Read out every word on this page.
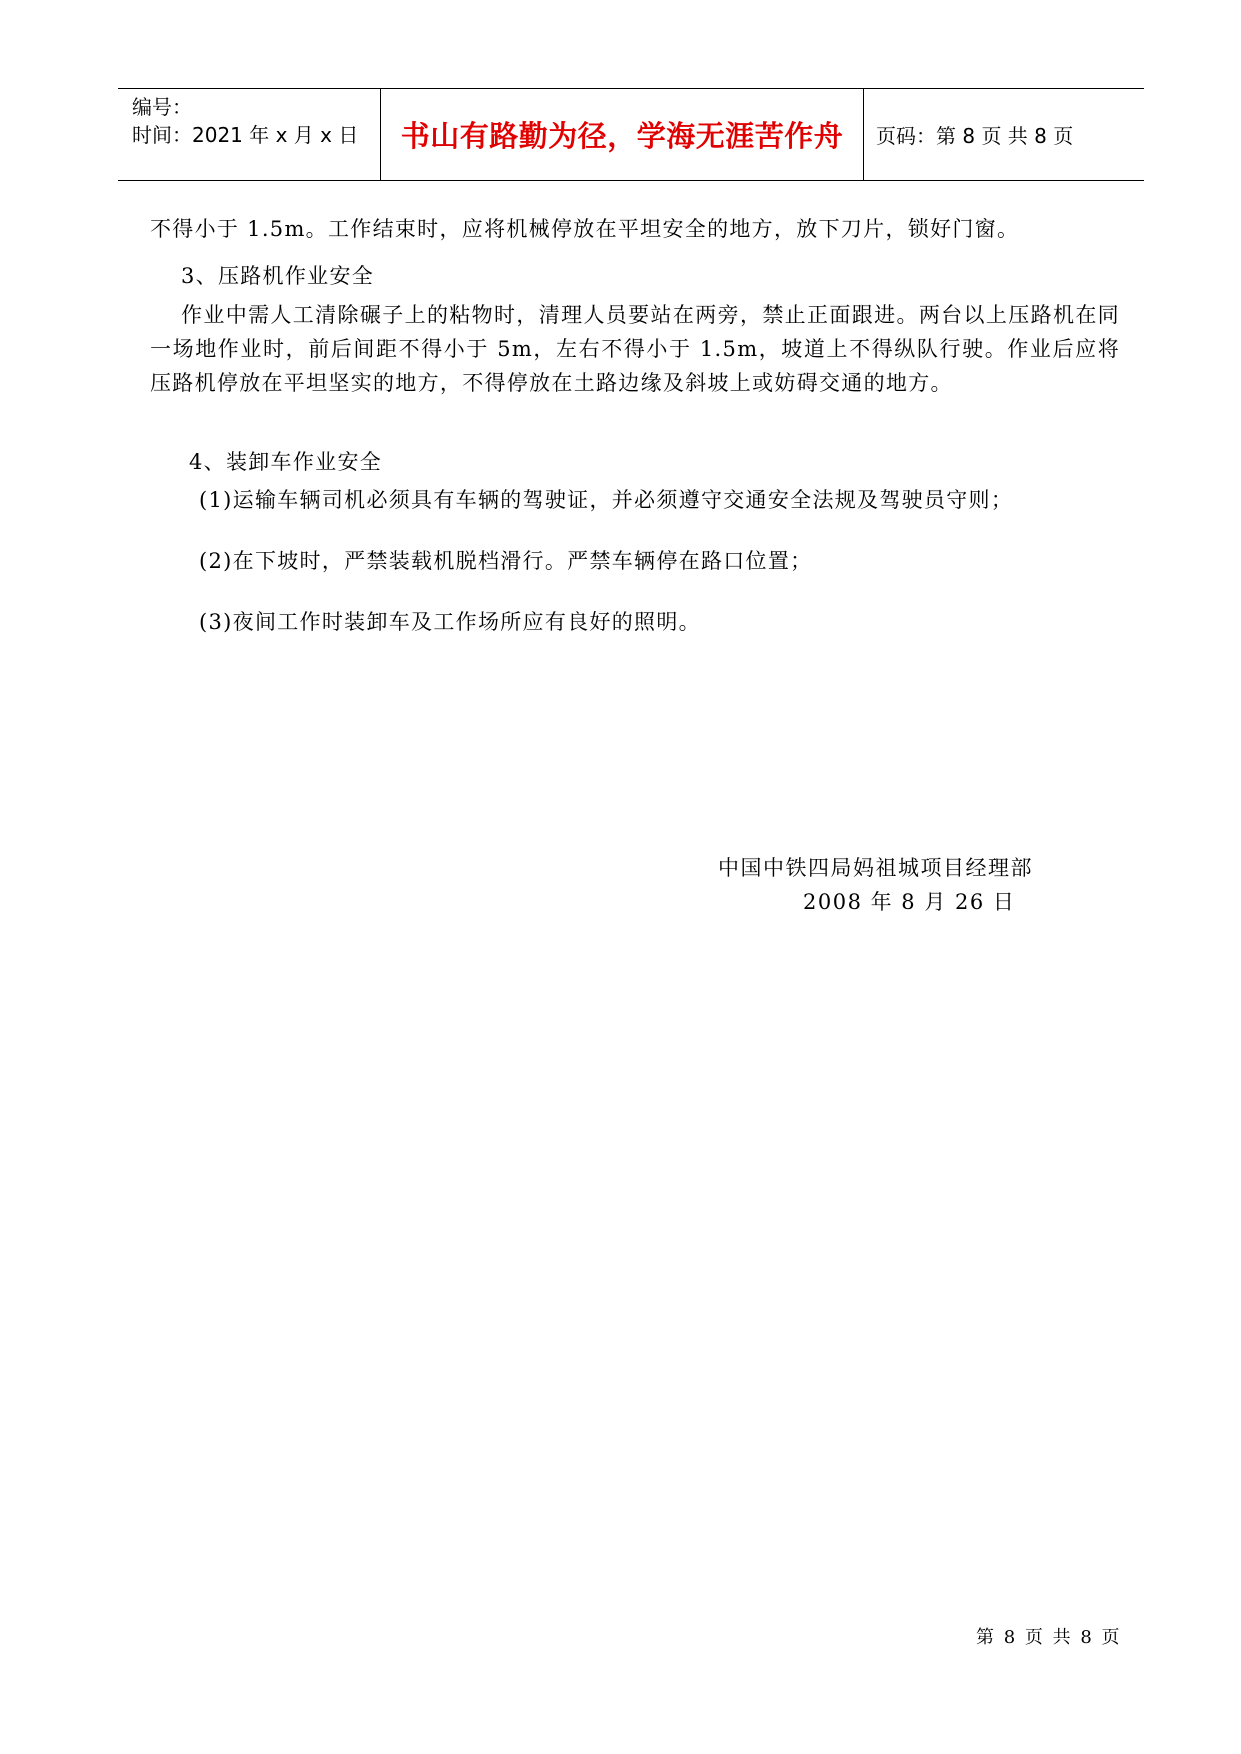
编号：
时间：2021 年 x 月 x 日	书山有路勤为径，学海无涯苦作舟	页码：第 8 页 共 8 页
不得小于 1.5m。工作结束时，应将机械停放在平坦安全的地方，放下刀片，锁好门窗。
3、压路机作业安全
作业中需人工清除碾子上的粘物时，清理人员要站在两旁，禁止正面跟进。两台以上压路机在同一场地作业时，前后间距不得小于 5m，左右不得小于 1.5m，坡道上不得纵队行驶。作业后应将压路机停放在平坦坚实的地方，不得停放在土路边缘及斜坡上或妨碍交通的地方。
4、装卸车作业安全
(1)运输车辆司机必须具有车辆的驾驶证，并必须遵守交通安全法规及驾驶员守则；
(2)在下坡时，严禁装载机脱档滑行。严禁车辆停在路口位置；
(3)夜间工作时装卸车及工作场所应有良好的照明。
中国中铁四局妈祖城项目经理部
2008 年 8 月 26 日
第 8 页 共 8 页
